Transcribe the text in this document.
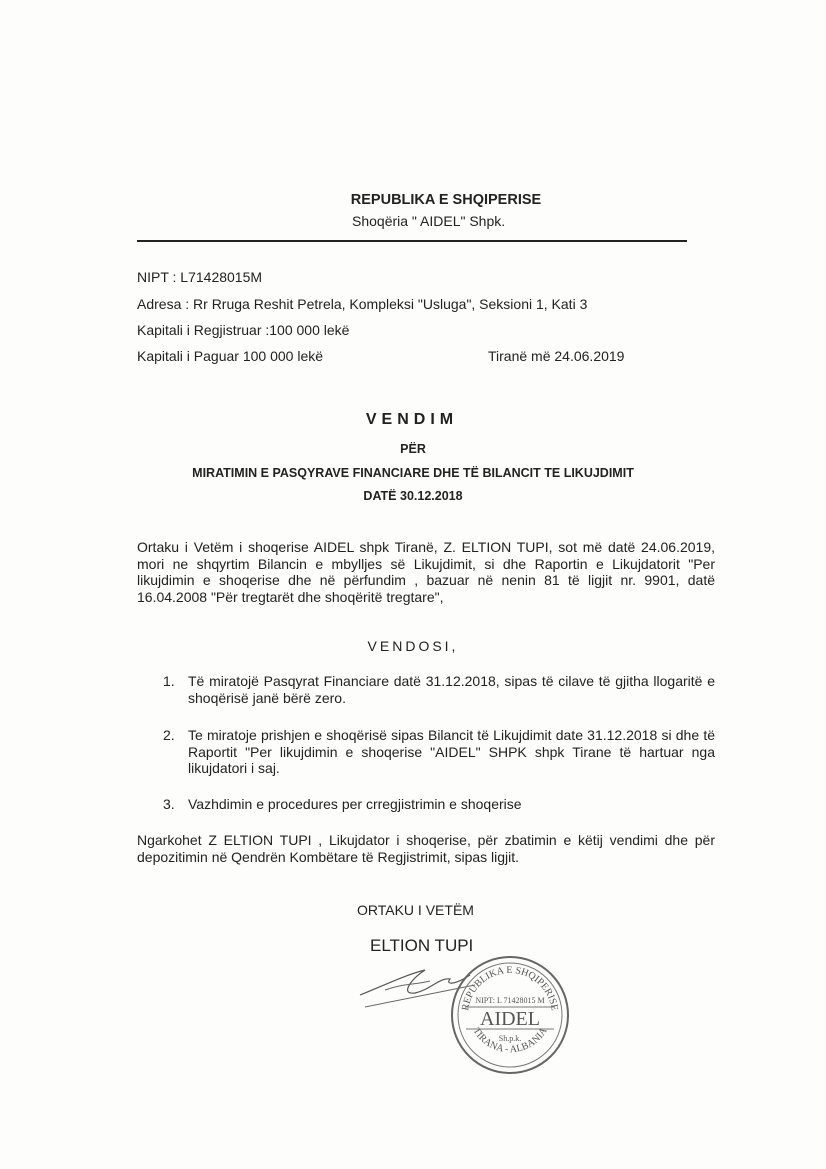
REPUBLIKA E SHQIPERISE
Shoqëria " AIDEL" Shpk.
NIPT : L71428015M
Adresa : Rr Rruga Reshit Petrela, Kompleksi "Usluga", Seksioni 1, Kati 3
Kapitali i Regjistruar :100 000 lekë
Kapitali i Paguar 100 000 lekë	Tiranë më 24.06.2019
VENDIM
PËR
MIRATIMIN E PASQYRAVE FINANCIARE DHE TË BILANCIT TE LIKUJDIMIT
DATË 30.12.2018
Ortaku i Vetëm i shoqerise AIDEL shpk Tiranë, Z. ELTION TUPI, sot më datë 24.06.2019, mori ne shqyrtim Bilancin e mbylljes së Likujdimit, si dhe Raportin e Likujdatorit "Per likujdimin e shoqerise dhe në përfundim , bazuar në nenin 81 të ligjit nr. 9901, datë 16.04.2008 "Për tregtarët dhe shoqëritë tregtare",
VENDOSI,
1. Të miratojë Pasqyrat Financiare datë 31.12.2018, sipas të cilave të gjitha llogaritë e shoqërisë janë bërë zero.
2. Te miratoje prishjen e shoqërisë sipas Bilancit të Likujdimit date 31.12.2018 si dhe të Raportit "Per likujdimin e shoqerise "AIDEL" SHPK shpk Tirane të hartuar nga likujdatori i saj.
3. Vazhdimin e procedures per crregjistrimin e shoqerise
Ngarkohet Z ELTION TUPI , Likujdator i shoqerise, për zbatimin e këtij vendimi dhe për depozitimin në Qendrën Kombëtare të Regjistrimit, sipas ligjit.
ORTAKU I VETËM
ELTION TUPI
REPUBLIKA E SHQIPERISE
TIRANA - ALBANIA
NIPT: L 71428015 M
AIDEL
Sh.p.k.
